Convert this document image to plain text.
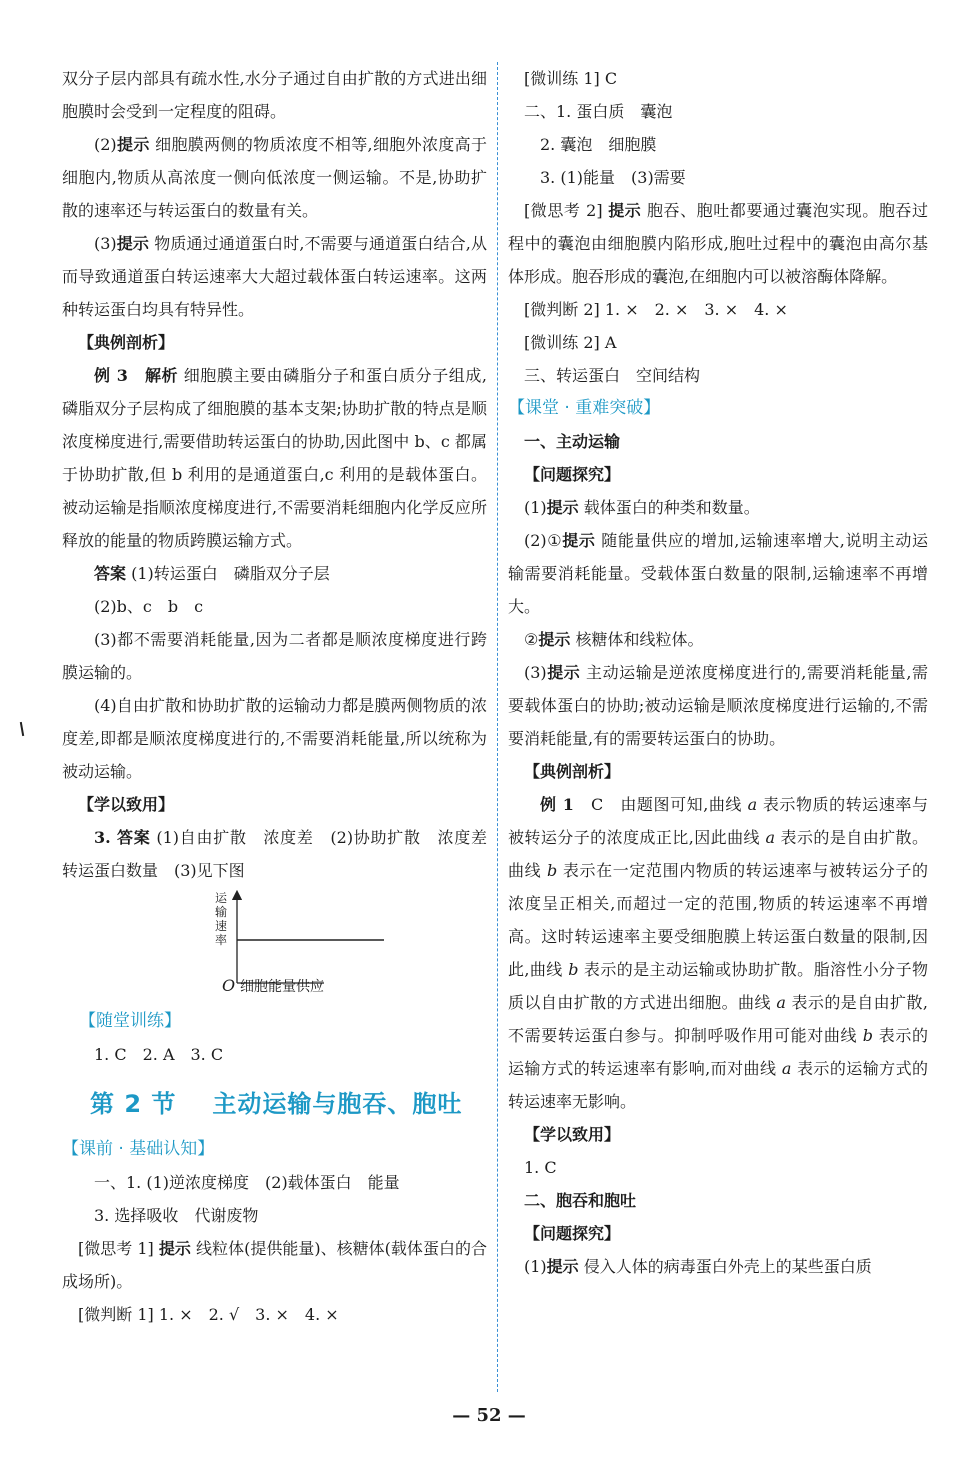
双分子层内部具有疏水性,水分子通过自由扩散的方式进出细胞膜时会受到一定程度的阻碍。

(2)提示 细胞膜两侧的物质浓度不相等,细胞外浓度高于细胞内,物质从高浓度一侧向低浓度一侧运输。不是,协助扩散的速率还与转运蛋白的数量有关。

(3)提示 物质通过通道蛋白时,不需要与通道蛋白结合,从而导致通道蛋白转运速率大大超过载体蛋白转运速率。这两种转运蛋白均具有特异性。

【典例剖析】

例 3　解析 细胞膜主要由磷脂分子和蛋白质分子组成,磷脂双分子层构成了细胞膜的基本支架;协助扩散的特点是顺浓度梯度进行,需要借助转运蛋白的协助,因此图中 b、c 都属于协助扩散,但 b 利用的是通道蛋白,c 利用的是载体蛋白。被动运输是指顺浓度梯度进行,不需要消耗细胞内化学反应所释放的能量的物质跨膜运输方式。

答案 (1)转运蛋白　磷脂双分子层

(2)b、c　b　c

(3)都不需要消耗能量,因为二者都是顺浓度梯度进行跨膜运输的。

(4)自由扩散和协助扩散的运输动力都是膜两侧物质的浓度差,即都是顺浓度梯度进行的,不需要消耗能量,所以统称为被动运输。

【学以致用】

3. 答案 (1)自由扩散　浓度差　(2)协助扩散　浓度差　转运蛋白数量　(3)见下图

运输速率
O 细胞能量供应

【随堂训练】

1. C　2. A　3. C

第 2 节 主动运输与胞吞、胞吐

【课前 · 基础认知】

一、1. (1)逆浓度梯度　(2)载体蛋白　能量

3. 选择吸收　代谢废物

[微思考 1] 提示 线粒体(提供能量)、核糖体(载体蛋白的合成场所)。

[微判断 1] 1. ×　2. √　3. ×　4. ×

[微训练 1] C

二、1. 蛋白质　囊泡

2. 囊泡　细胞膜

3. (1)能量　(3)需要

[微思考 2] 提示 胞吞、胞吐都要通过囊泡实现。胞吞过程中的囊泡由细胞膜内陷形成,胞吐过程中的囊泡由高尔基体形成。胞吞形成的囊泡,在细胞内可以被溶酶体降解。

[微判断 2] 1. ×　2. ×　3. ×　4. ×

[微训练 2] A

三、转运蛋白　空间结构

【课堂 · 重难突破】

一、主动运输

【问题探究】

(1)提示 载体蛋白的种类和数量。

(2)①提示 随能量供应的增加,运输速率增大,说明主动运输需要消耗能量。受载体蛋白数量的限制,运输速率不再增大。

②提示 核糖体和线粒体。

(3)提示 主动运输是逆浓度梯度进行的,需要消耗能量,需要载体蛋白的协助;被动运输是顺浓度梯度进行运输的,不需要消耗能量,有的需要转运蛋白的协助。

【典例剖析】

例 1　C　由题图可知,曲线 a 表示物质的转运速率与被转运分子的浓度成正比,因此曲线 a 表示的是自由扩散。曲线 b 表示在一定范围内物质的转运速率与被转运分子的浓度呈正相关,而超过一定的范围,物质的转运速率不再增高。这时转运速率主要受细胞膜上转运蛋白数量的限制,因此,曲线 b 表示的是主动运输或协助扩散。脂溶性小分子物质以自由扩散的方式进出细胞。曲线 a 表示的是自由扩散,不需要转运蛋白参与。抑制呼吸作用可能对曲线 b 表示的运输方式的转运速率有影响,而对曲线 a 表示的运输方式的转运速率无影响。

【学以致用】

1. C

二、胞吞和胞吐

【问题探究】

(1)提示 侵入人体的病毒蛋白外壳上的某些蛋白质

— 52 —
